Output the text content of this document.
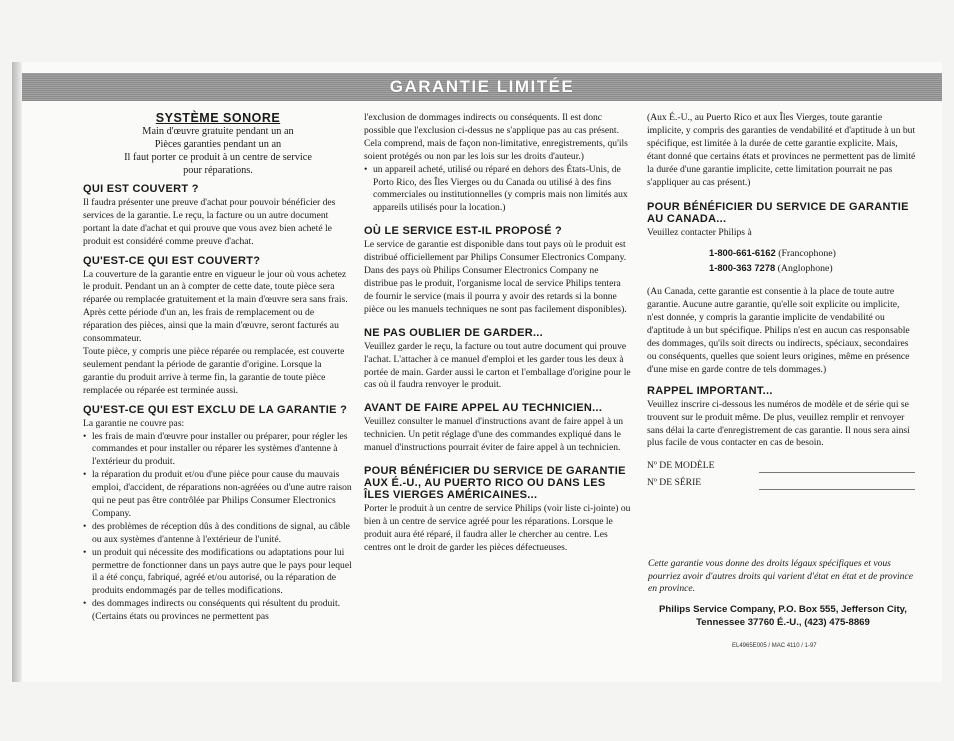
GARANTIE LIMITÉE
SYSTÈME SONORE

Main d'œuvre gratuite pendant un an

Pièces garanties pendant un an

Il faut porter ce produit à un centre de service

pour réparations.

QUI EST COUVERT ?

Il faudra présenter une preuve d'achat pour pouvoir bénéficier des services de la garantie. Le reçu, la facture ou un autre document portant la date d'achat et qui prouve que vous avez bien acheté le produit est considéré comme preuve d'achat.

QU'EST-CE QUI EST COUVERT?

La couverture de la garantie entre en vigueur le jour où vous achetez le produit. Pendant un an à compter de cette date, toute pièce sera réparée ou remplacée gratuitement et la main d'œuvre sera sans frais. Après cette période d'un an, les frais de remplacement ou de réparation des pièces, ainsi que la main d'œuvre, seront facturés au consommateur.

Toute pièce, y compris une pièce réparée ou remplacée, est couverte seulement pendant la période de garantie d'origine. Lorsque la garantie du produit arrive à terme fin, la garantie de toute pièce remplacée ou réparée est terminée aussi.

QU'EST-CE QUI EST EXCLU DE LA GARANTIE ?

La garantie ne couvre pas:

• les frais de main d'œuvre pour installer ou préparer, pour régler les commandes et pour installer ou réparer les systèmes d'antenne à l'extérieur du produit.
• la réparation du produit et/ou d'une pièce pour cause du mauvais emploi, d'accident, de réparations non-agréées ou d'une autre raison qui ne peut pas être contrôlée par Philips Consumer Electronics Company.
• des problèmes de réception dûs à des conditions de signal, au câble ou aux systèmes d'antenne à l'extérieur de l'unité.
• un produit qui nécessite des modifications ou adaptations pour lui permettre de fonctionner dans un pays autre que le pays pour lequel il a été conçu, fabriqué, agréé et/ou autorisé, ou la réparation de produits endommagés par de telles modifications.
• des dommages indirects ou conséquents qui résultent du produit. (Certains états ou provinces ne permettent pas

l'exclusion de dommages indirects ou conséquents. Il est donc possible que l'exclusion ci-dessus ne s'applique pas au cas présent. Cela comprend, mais de façon non-limitative, enregistrements, qu'ils soient protégés ou non par les lois sur les droits d'auteur.)

• un appareil acheté, utilisé ou réparé en dehors des États-Unis, de Porto Rico, des Îles Vierges ou du Canada ou utilisé à des fins commerciales ou institutionnelles (y compris mais non limités aux appareils utilisés pour la location.)
OÙ LE SERVICE EST-IL PROPOSÉ ?

Le service de garantie est disponible dans tout pays où le produit est distribué officiellement par Philips Consumer Electronics Company. Dans des pays où Philips Consumer Electronics Company ne distribue pas le produit, l'organisme local de service Philips tentera de fournir le service (mais il pourra y avoir des retards si la bonne pièce ou les manuels techniques ne sont pas facilement disponibles).

NE PAS OUBLIER DE GARDER...

Veuillez garder le reçu, la facture ou tout autre document qui prouve l'achat. L'attacher à ce manuel d'emploi et les garder tous les deux à portée de main. Garder aussi le carton et l'emballage d'origine pour le cas où il faudra renvoyer le produit.

AVANT DE FAIRE APPEL AU TECHNICIEN...

Veuillez consulter le manuel d'instructions avant de faire appel à un technicien. Un petit réglage d'une des commandes expliqué dans le manuel d'instructions pourrait éviter de faire appel à un technicien.

POUR BÉNÉFICIER DU SERVICE DE GARANTIE AUX É.-U., AU PUERTO RICO OU DANS LES ÎLES VIERGES AMÉRICAINES...

Porter le produit à un centre de service Philips (voir liste ci-jointe) ou bien à un centre de service agréé pour les réparations. Lorsque le produit aura été réparé, il faudra aller le chercher au centre. Les centres ont le droit de garder les pièces défectueuses.

(Aux É.-U., au Puerto Rico et aux Îles Vierges, toute garantie implicite, y compris des garanties de vendabilité et d'aptitude à un but spécifique, est limitée à la durée de cette garantie explicite. Mais, étant donné que certains états et provinces ne permettent pas de limité la durée d'une garantie implicite, cette limitation pourrait ne pas s'appliquer au cas présent.)

POUR BÉNÉFICIER DU SERVICE DE GARANTIE AU CANADA...

Veuillez contacter Philips à

1-800-661-6162 (Francophone)
1-800-363 7278 (Anglophone)

(Au Canada, cette garantie est consentie à la place de toute autre garantie. Aucune autre garantie, qu'elle soit explicite ou implicite, n'est donnée, y compris la garantie implicite de vendabilité ou d'aptitude à un but spécifique. Philips n'est en aucun cas responsable des dommages, qu'ils soit directs ou indirects, spéciaux, secondaires ou conséquents, quelles que soient leurs origines, même en présence d'une mise en garde contre de tels dommages.)

RAPPEL IMPORTANT...

Veuillez inscrire ci-dessous les numéros de modèle et de série qui se trouvent sur le produit même. De plus, veuillez remplir et renvoyer sans délai la carte d'enregistrement de cas garantie. Il nous sera ainsi plus facile de vous contacter en cas de besoin.

Nº DE MODÈLE
Nº DE SÉRIE
Cette garantie vous donne des droits légaux spécifiques et vous pourriez avoir d'autres droits qui varient d'état en état et de province en province.
Philips Service Company, P.O. Box 555, Jefferson City, Tennessee 37760 É.-U., (423) 475-8869
EL4965E005 / MAC 4110 / 1-97
